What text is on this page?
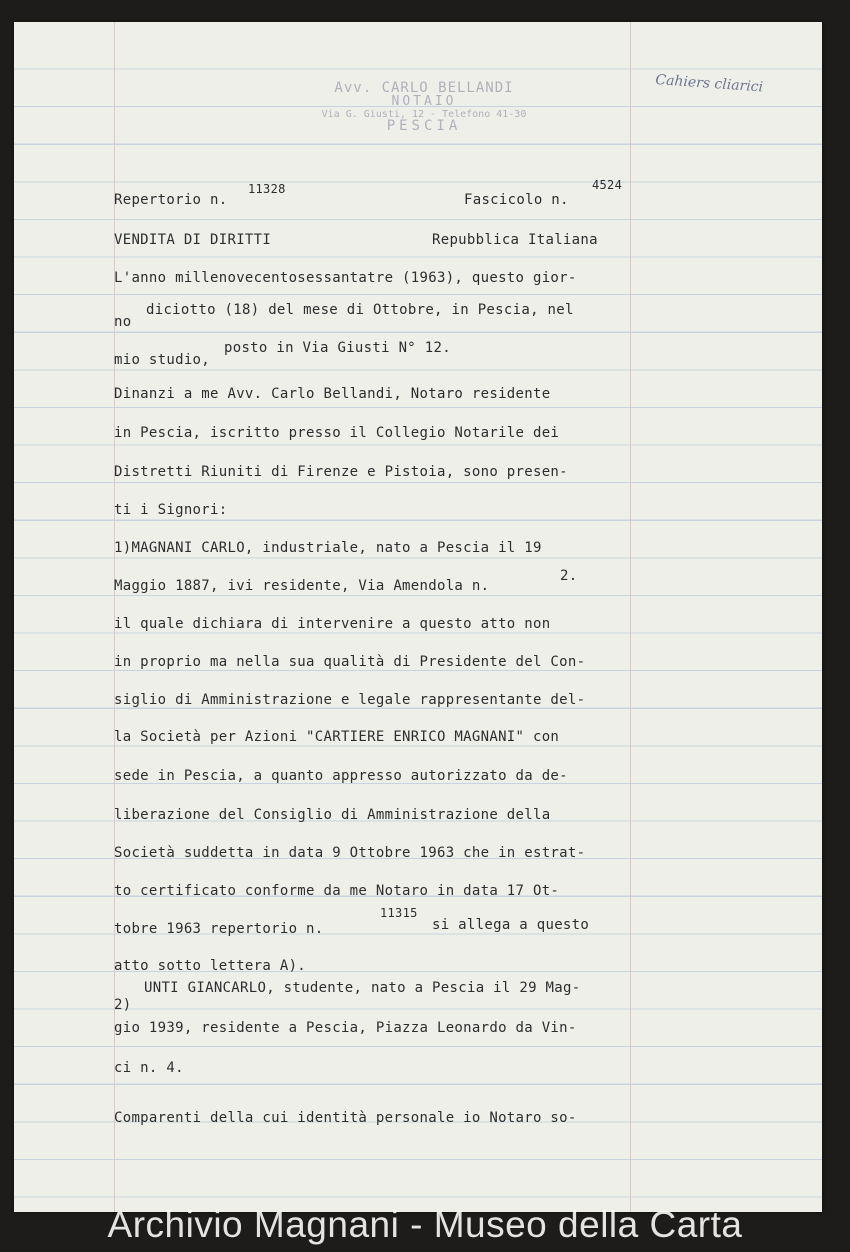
Avv. CARLO BELLANDI
NOTAIO
Via G. Giusti, 12 - Telefono 41-30
PESCIA
Cahiers cliarici
Repertorio n.
11328
Fascicolo n.
4524
VENDITA DI DIRITTI	Repubblica Italiana
L'anno millenovecentosessantatre (1963), questo gior-
no
diciotto (18) del mese di Ottobre, in Pescia, nel
mio studio,
posto in Via Giusti N° 12.
Dinanzi a me Avv. Carlo Bellandi, Notaro residente
in Pescia, iscritto presso il Collegio Notarile dei
Distretti Riuniti di Firenze e Pistoia, sono presen-
ti i Signori:
1)MAGNANI CARLO, industriale, nato a Pescia il 19
Maggio 1887, ivi residente, Via Amendola n.
2.
il quale dichiara di intervenire a questo atto non
in proprio ma nella sua qualità di Presidente del Con-
siglio di Amministrazione e legale rappresentante del-
la Società per Azioni "CARTIERE ENRICO MAGNANI" con
sede in Pescia, a quanto appresso autorizzato da de-
liberazione del Consiglio di Amministrazione della
Società suddetta in data 9 Ottobre 1963 che in estrat-
to certificato conforme da me Notaro in data 17 Ot-
tobre 1963 repertorio n.
11315
si allega a questo
atto sotto lettera A).
2)
UNTI GIANCARLO, studente, nato a Pescia il 29 Mag-
gio 1939, residente a Pescia, Piazza Leonardo da Vin-
ci n. 4.
Comparenti della cui identità personale io Notaro so-
Archivio Magnani - Museo della Carta
